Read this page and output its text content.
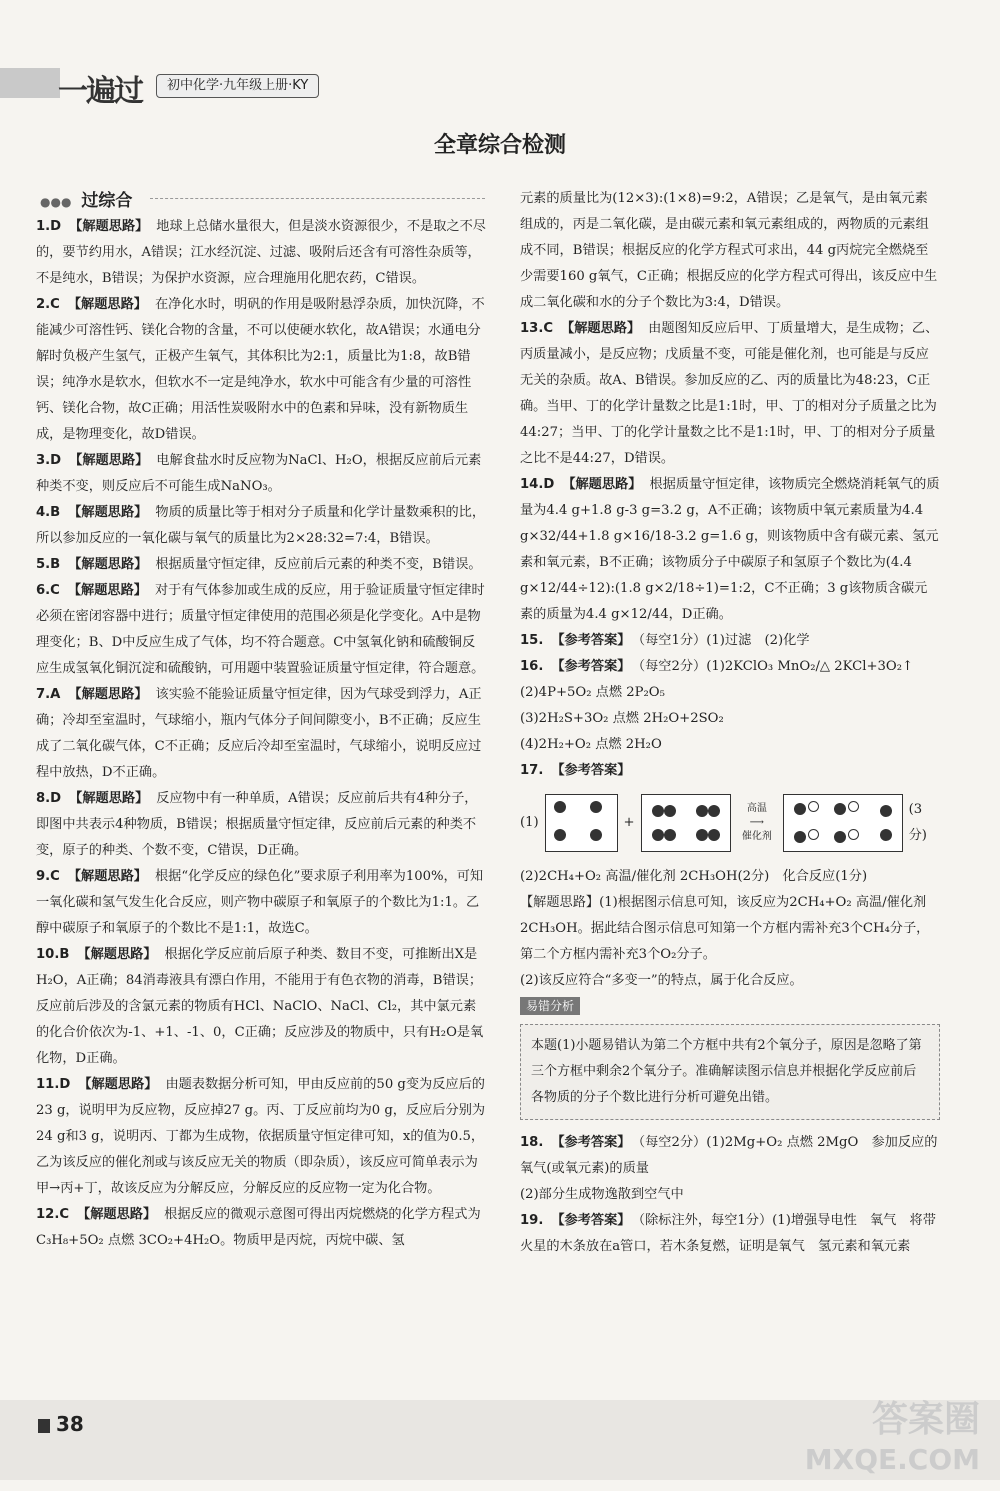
一遍过	初中化学·九年级上册·KY
全章综合检测
●●● 过综合

1.D 【解题思路】 地球上总储水量很大，但是淡水资源很少，不是取之不尽的，要节约用水，A错误；江水经沉淀、过滤、吸附后还含有可溶性杂质等，不是纯水，B错误；为保护水资源，应合理施用化肥农药，C错误。

2.C 【解题思路】 在净化水时，明矾的作用是吸附悬浮杂质，加快沉降，不能减少可溶性钙、镁化合物的含量，不可以使硬水软化，故A错误；水通电分解时负极产生氢气，正极产生氧气，其体积比为2:1，质量比为1:8，故B错误；纯净水是软水，但软水不一定是纯净水，软水中可能含有少量的可溶性钙、镁化合物，故C正确；用活性炭吸附水中的色素和异味，没有新物质生成，是物理变化，故D错误。

3.D 【解题思路】 电解食盐水时反应物为NaCl、H₂O，根据反应前后元素种类不变，则反应后不可能生成NaNO₃。

4.B 【解题思路】 物质的质量比等于相对分子质量和化学计量数乘积的比，所以参加反应的一氧化碳与氧气的质量比为2×28:32=7:4，B错误。

5.B 【解题思路】 根据质量守恒定律，反应前后元素的种类不变，B错误。

6.C 【解题思路】 对于有气体参加或生成的反应，用于验证质量守恒定律时必须在密闭容器中进行；质量守恒定律使用的范围必须是化学变化。A中是物理变化；B、D中反应生成了气体，均不符合题意。C中氢氧化钠和硫酸铜反应生成氢氧化铜沉淀和硫酸钠，可用题中装置验证质量守恒定律，符合题意。

7.A 【解题思路】 该实验不能验证质量守恒定律，因为气球受到浮力，A正确；冷却至室温时，气球缩小，瓶内气体分子间间隙变小，B不正确；反应生成了二氧化碳气体，C不正确；反应后冷却至室温时，气球缩小，说明反应过程中放热，D不正确。

8.D 【解题思路】 反应物中有一种单质，A错误；反应前后共有4种分子，即图中共表示4种物质，B错误；根据质量守恒定律，反应前后元素的种类不变，原子的种类、个数不变，C错误，D正确。

9.C 【解题思路】 根据“化学反应的绿色化”要求原子利用率为100%，可知一氧化碳和氢气发生化合反应，则产物中碳原子和氧原子的个数比为1:1。乙醇中碳原子和氧原子的个数比不是1:1，故选C。

10.B 【解题思路】 根据化学反应前后原子种类、数目不变，可推断出X是H₂O，A正确；84消毒液具有漂白作用，不能用于有色衣物的消毒，B错误；反应前后涉及的含氯元素的物质有HCl、NaClO、NaCl、Cl₂，其中氯元素的化合价依次为-1、+1、-1、0，C正确；反应涉及的物质中，只有H₂O是氧化物，D正确。

11.D 【解题思路】 由题表数据分析可知，甲由反应前的50 g变为反应后的23 g，说明甲为反应物，反应掉27 g。丙、丁反应前均为0 g，反应后分别为24 g和3 g，说明丙、丁都为生成物，依据质量守恒定律可知，x的值为0.5，乙为该反应的催化剂或与该反应无关的物质（即杂质），该反应可简单表示为甲→丙+丁，故该反应为分解反应，分解反应的反应物一定为化合物。

12.C 【解题思路】 根据反应的微观示意图可得出丙烷燃烧的化学方程式为C₃H₈+5O₂ 点燃 3CO₂+4H₂O。物质甲是丙烷，丙烷中碳、氢

元素的质量比为(12×3):(1×8)=9:2，A错误；乙是氧气，是由氧元素组成的，丙是二氧化碳，是由碳元素和氧元素组成的，两物质的元素组成不同，B错误；根据反应的化学方程式可求出，44 g丙烷完全燃烧至少需要160 g氧气，C正确；根据反应的化学方程式可得出，该反应中生成二氧化碳和水的分子个数比为3:4，D错误。

13.C 【解题思路】 由题图知反应后甲、丁质量增大，是生成物；乙、丙质量减小，是反应物；戊质量不变，可能是催化剂，也可能是与反应无关的杂质。故A、B错误。参加反应的乙、丙的质量比为48:23，C正确。当甲、丁的化学计量数之比是1:1时，甲、丁的相对分子质量之比为44:27；当甲、丁的化学计量数之比不是1:1时，甲、丁的相对分子质量之比不是44:27，D错误。

14.D 【解题思路】 根据质量守恒定律，该物质完全燃烧消耗氧气的质量为4.4 g+1.8 g-3 g=3.2 g，A不正确；该物质中氧元素质量为4.4 g×32/44+1.8 g×16/18-3.2 g=1.6 g，则该物质中含有碳元素、氢元素和氧元素，B不正确；该物质分子中碳原子和氢原子个数比为(4.4 g×12/44÷12):(1.8 g×2/18÷1)=1:2，C不正确；3 g该物质含碳元素的质量为4.4 g×12/44，D正确。

15. 【参考答案】 （每空1分）(1)过滤　(2)化学

16. 【参考答案】 （每空2分）(1)2KClO₃ MnO₂/△ 2KCl+3O₂↑

(2)4P+5O₂ 点燃 2P₂O₅

(3)2H₂S+3O₂ 点燃 2H₂O+2SO₂

(4)2H₂+O₂ 点燃 2H₂O

17. 【参考答案】

(1)	+
高温
⟶
催化剂
(3分)

(2)2CH₄+O₂ 高温/催化剂 2CH₃OH(2分)　化合反应(1分)

【解题思路】(1)根据图示信息可知，该反应为2CH₄+O₂ 高温/催化剂 2CH₃OH。据此结合图示信息可知第一个方框内需补充3个CH₄分子，第二个方框内需补充3个O₂分子。

(2)该反应符合“多变一”的特点，属于化合反应。

易错分析
本题(1)小题易错认为第二个方框中共有2个氧分子，原因是忽略了第三个方框中剩余2个氧分子。准确解读图示信息并根据化学反应前后各物质的分子个数比进行分析可避免出错。

18. 【参考答案】 （每空2分）(1)2Mg+O₂ 点燃 2MgO　参加反应的氧气(或氧元素)的质量

(2)部分生成物逸散到空气中

19. 【参考答案】 （除标注外，每空1分）(1)增强导电性　氧气　将带火星的木条放在a管口，若木条复燃，证明是氧气　氢元素和氧元素

38	答案圈
MXQE.COM
